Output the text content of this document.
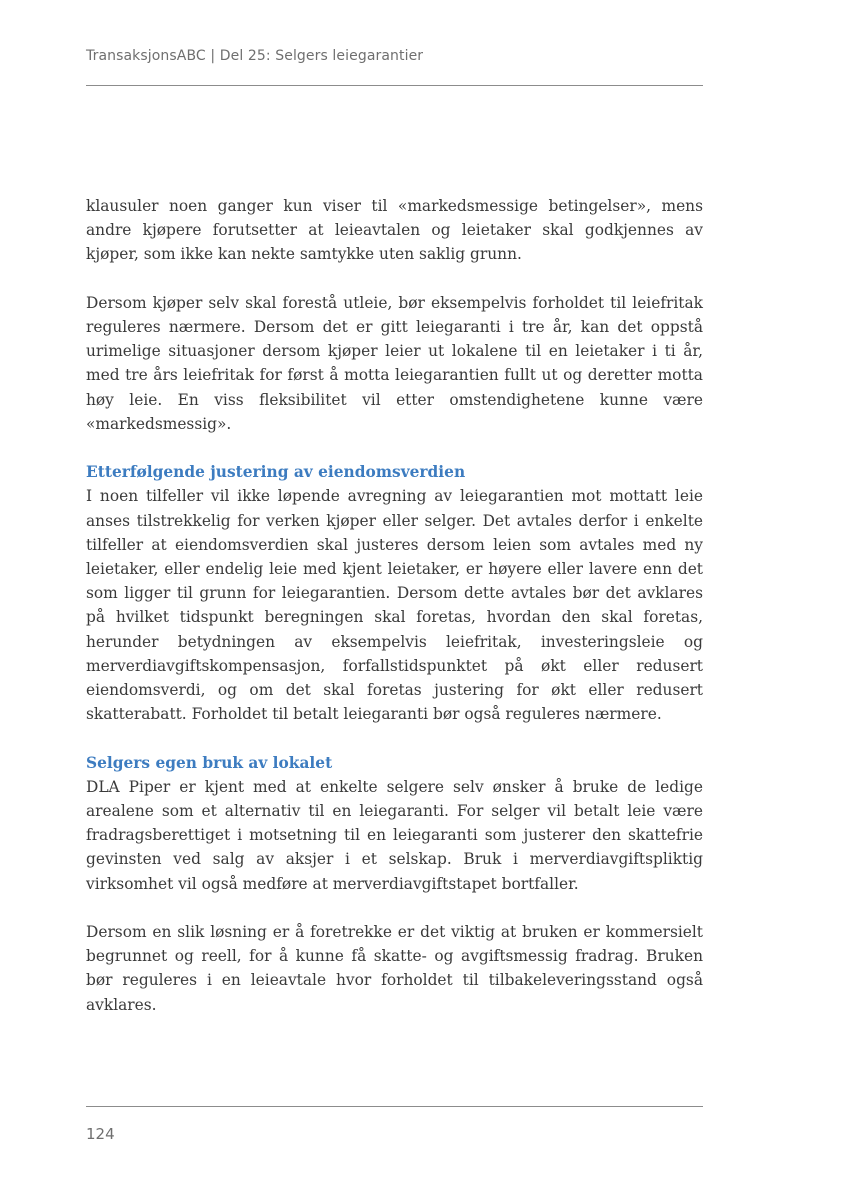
TransaksjonsABC | Del 25: Selgers leiegarantier

klausuler noen ganger kun viser til «markedsmessige betingelser», mens andre kjøpere forutsetter at leieavtalen og leietaker skal godkjennes av kjøper, som ikke kan nekte samtykke uten saklig grunn.

Dersom kjøper selv skal forestå utleie, bør eksempelvis forholdet til leiefritak reguleres nærmere. Dersom det er gitt leiegaranti i tre år, kan det oppstå urimelige situasjoner dersom kjøper leier ut lokalene til en leietaker i ti år, med tre års leiefritak for først å motta leiegarantien fullt ut og deretter motta høy leie. En viss fleksibilitet vil etter omstendighetene kunne være «markedsmessig».

Etterfølgende justering av eiendomsverdien

I noen tilfeller vil ikke løpende avregning av leiegarantien mot mottatt leie anses tilstrekkelig for verken kjøper eller selger. Det avtales derfor i enkelte tilfeller at eiendomsverdien skal justeres dersom leien som avtales med ny leietaker, eller endelig leie med kjent leietaker, er høyere eller lavere enn det som ligger til grunn for leiegarantien. Dersom dette avtales bør det avklares på hvilket tidspunkt beregningen skal foretas, hvordan den skal foretas, herunder betydningen av eksempelvis leiefritak, investeringsleie og merverdiavgiftskompensasjon, forfallstidspunktet på økt eller redusert eiendomsverdi, og om det skal foretas justering for økt eller redusert skatterabatt. Forholdet til betalt leiegaranti bør også reguleres nærmere.

Selgers egen bruk av lokalet

DLA Piper er kjent med at enkelte selgere selv ønsker å bruke de ledige arealene som et alternativ til en leiegaranti. For selger vil betalt leie være fradragsberettiget i motsetning til en leiegaranti som justerer den skattefrie gevinsten ved salg av aksjer i et selskap. Bruk i merverdiavgiftspliktig virksomhet vil også medføre at merverdiavgiftstapet bortfaller.

Dersom en slik løsning er å foretrekke er det viktig at bruken er kommersielt begrunnet og reell, for å kunne få skatte- og avgiftsmessig fradrag. Bruken bør reguleres i en leieavtale hvor forholdet til tilbakeleveringsstand også avklares.

124
